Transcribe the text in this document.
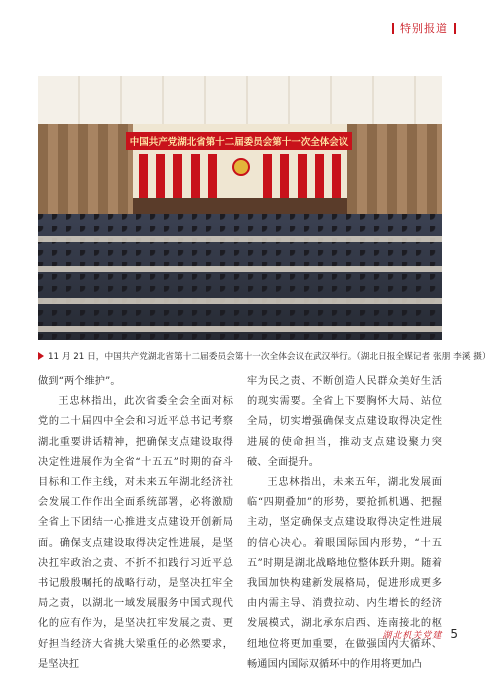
特别报道
中国共产党湖北省第十二届委员会第十一次全体会议
11 月 21 日，中国共产党湖北省第十二届委员会第十一次全体会议在武汉举行。（湖北日报全媒记者 张朋 李溪 摄）

做到“两个维护”。

王忠林指出，此次省委全会全面对标党的二十届四中全会和习近平总书记考察湖北重要讲话精神，把确保支点建设取得决定性进展作为全省“十五五”时期的奋斗目标和工作主线，对未来五年湖北经济社会发展工作作出全面系统部署，必将激励全省上下团结一心推进支点建设开创新局面。确保支点建设取得决定性进展，是坚决扛牢政治之责、不折不扣践行习近平总书记殷殷嘱托的战略行动，是坚决扛牢全局之责，以湖北一域发展服务中国式现代化的应有作为，是坚决扛牢发展之责、更好担当经济大省挑大梁重任的必然要求，是坚决扛

牢为民之责、不断创造人民群众美好生活的现实需要。全省上下要胸怀大局、站位全局，切实增强确保支点建设取得决定性进展的使命担当，推动支点建设聚力突破、全面提升。

王忠林指出，未来五年，湖北发展面临“四期叠加”的形势，要抢抓机遇、把握主动，坚定确保支点建设取得决定性进展的信心决心。着眼国际国内形势，“十五五”时期是湖北战略地位整体跃升期。随着我国加快构建新发展格局，促进形成更多由内需主导、消费拉动、内生增长的经济发展模式，湖北承东启西、连南接北的枢纽地位将更加重要，在做强国内大循环、畅通国内国际双循环中的作用将更加凸

湖北机关党建 5
